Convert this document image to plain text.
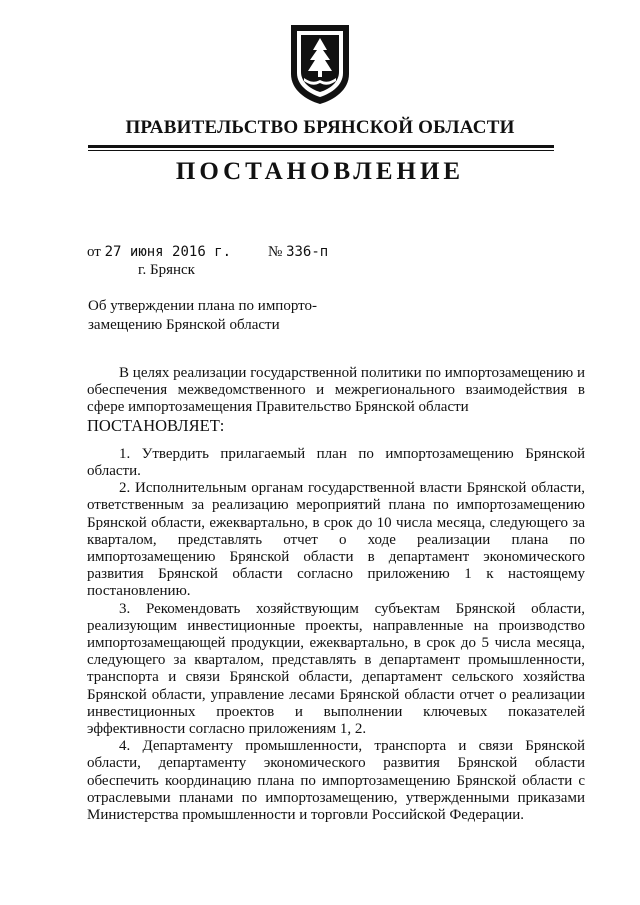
ПРАВИТЕЛЬСТВО БРЯНСКОЙ ОБЛАСТИ
ПОСТАНОВЛЕНИЕ
от 27 июня 2016 г. № 336-п
г. Брянск
Об утверждении плана по импорто-
замещению Брянской области

В целях реализации государственной политики по импортозамещению и обеспечения межведомственного и межрегионального взаимодействия в сфере импортозамещения Правительство Брянской области

ПОСТАНОВЛЯЕТ:

1. Утвердить прилагаемый план по импортозамещению Брянской области.

2. Исполнительным органам государственной власти Брянской области, ответственным за реализацию мероприятий плана по импортозамещению Брянской области, ежеквартально, в срок до 10 числа месяца, следующего за кварталом, представлять отчет о ходе реализации плана по импортозамещению Брянской области в департамент экономического развития Брянской области согласно приложению 1 к настоящему постановлению.

3. Рекомендовать хозяйствующим субъектам Брянской области, реализующим инвестиционные проекты, направленные на производство импортозамещающей продукции, ежеквартально, в срок до 5 числа месяца, следующего за кварталом, представлять в департамент промышленности, транспорта и связи Брянской области, департамент сельского хозяйства Брянской области, управление лесами Брянской области отчет о реализации инвестиционных проектов и выполнении ключевых показателей эффективности согласно приложениям 1, 2.

4. Департаменту промышленности, транспорта и связи Брянской области, департаменту экономического развития Брянской области обеспечить координацию плана по импортозамещению Брянской области с отраслевыми планами по импортозамещению, утвержденными приказами Министерства промышленности и торговли Российской Федерации.
